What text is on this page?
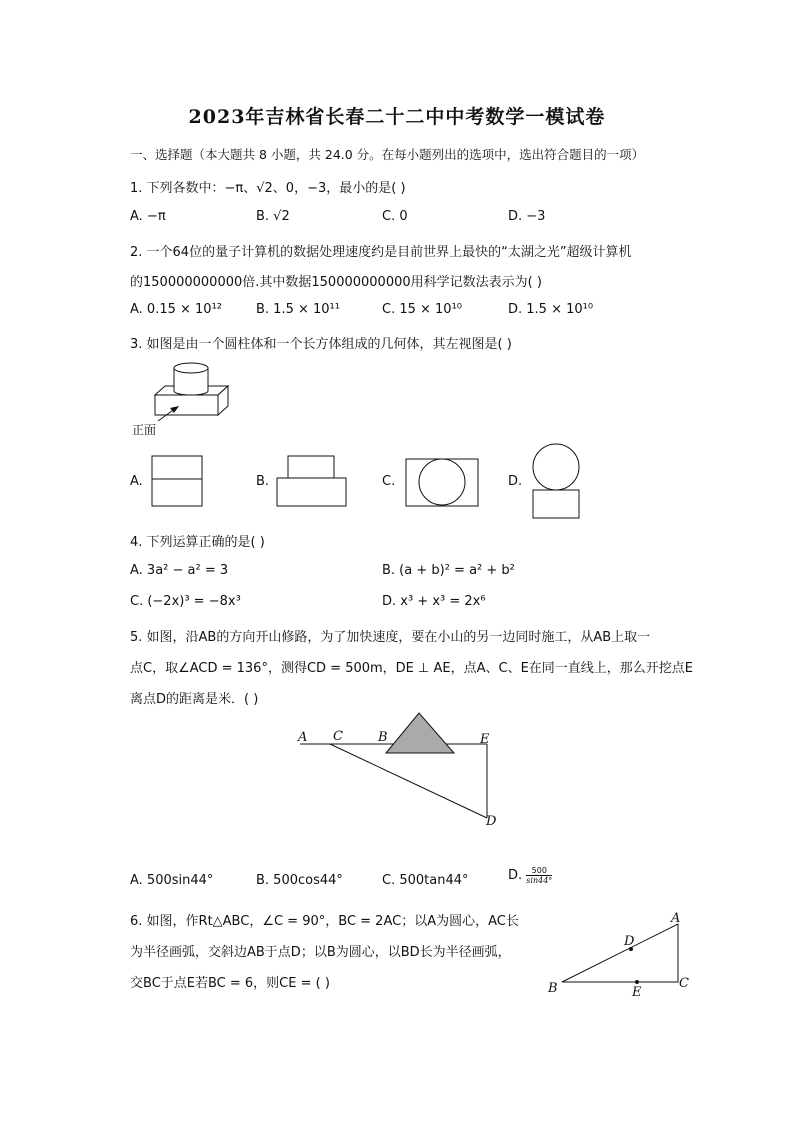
2023年吉林省长春二十二中中考数学一模试卷
一、选择题（本大题共 8 小题，共 24.0 分。在每小题列出的选项中，选出符合题目的一项）
1. 下列各数中：−π、√2、0，−3，最小的是( )
A. −π	B. √2	C. 0	D. −3
2. 一个64位的量子计算机的数据处理速度约是目前世界上最快的“太湖之光”超级计算机
的150000000000倍.其中数据150000000000用科学记数法表示为( )
A. 0.15 × 10¹²	B. 1.5 × 10¹¹	C. 15 × 10¹⁰	D. 1.5 × 10¹⁰
3. 如图是由一个圆柱体和一个长方体组成的几何体，其左视图是( )
正面
A.	B.	C.	D.
4. 下列运算正确的是( )
A. 3a² − a² = 3	B. (a + b)² = a² + b²
C. (−2x)³ = −8x³	D. x³ + x³ = 2x⁶
5. 如图，沿AB的方向开山修路，为了加快速度，要在小山的另一边同时施工，从AB上取一
点C，取∠ACD = 136°，测得CD = 500m，DE ⊥ AE，点A、C、E在同一直线上，那么开挖点E
离点D的距离是米．( )
A C	B	E
D
A. 500sin44°	B. 500cos44°	C. 500tan44°	D. $\frac{500}{\sin 44^\circ}$
6. 如图，作Rt△ABC，∠C = 90°，BC = 2AC；以A为圆心，AC长
为半径画弧，交斜边AB于点D；以B为圆心，以BD长为半径画弧，
交BC于点E若BC = 6，则CE = ( )
A
B	C
D
E
